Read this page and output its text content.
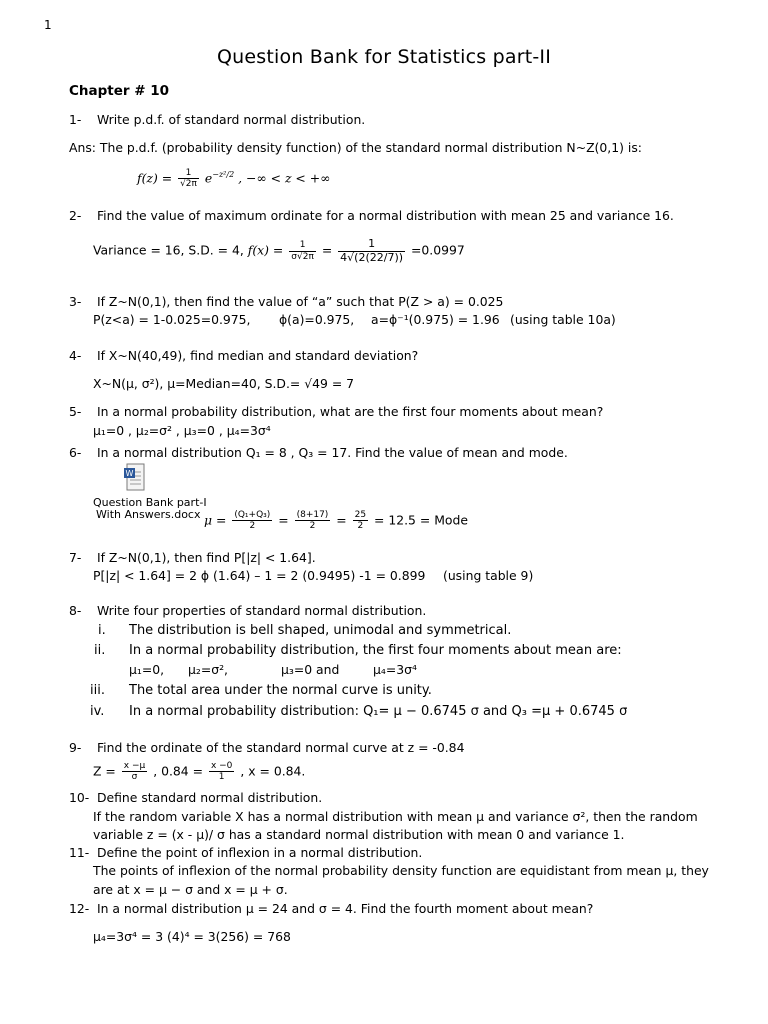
1
Question Bank for Statistics part-II
Chapter # 10
1- Write p.d.f. of standard normal distribution.
Ans: The p.d.f. (probability density function) of the standard normal distribution N~Z(0,1) is:
$f(z) = \frac{1}{√2\pi} e^{-z^2/2}$ , −∞ < z < +∞
2- Find the value of maximum ordinate for a normal distribution with mean 25 and variance 16.
Variance = 16, S.D. = 4, $f(x) = \frac{1}{\sigma√2\pi} = \frac{1}{4√(2(22/7))} =0.0997$
3- If Z~N(0,1), then find the value of “a” such that P(Z > a) = 0.025
P(z<a) = 1-0.025=0.975, ϕ(a)=0.975, a=ϕ⁻¹(0.975) = 1.96 (using table 10a)
4- If X~N(40,49), find median and standard deviation?
X~N(μ, σ²), μ=Median=40, S.D.= √49 = 7
5- In a normal probability distribution, what are the first four moments about mean?
μ₁=0 , μ₂=σ² , μ₃=0 , μ₄=3σ⁴
6- In a normal distribution Q₁ = 8 , Q₃ = 17. Find the value of mean and mode.
W
Question Bank part-I
With Answers.docx $\mu = \frac{\text{(Q₁+Q₃)}}{2} = \frac{(8+17)}{2} = \frac{25}{2} = 12.5$ = Mode
7- If Z~N(0,1), then find P[|z| < 1.64].
P[|z| < 1.64] = 2 ϕ (1.64) – 1 = 2 (0.9495) -1 = 0.899 (using table 9)
8- Write four properties of standard normal distribution.
i. The distribution is bell shaped, unimodal and symmetrical.
ii. In a normal probability distribution, the first four moments about mean are:
μ₁=0, μ₂=σ²,	μ₃=0 and	μ₄=3σ⁴
iii. The total area under the normal curve is unity.
iv. In a normal probability distribution: Q₁= μ − 0.6745 σ and Q₃ =μ + 0.6745 σ
9- Find the ordinate of the standard normal curve at z = -0.84
$Z = \frac{x -\mu}{\sigma}$ , $0.84 = \frac{x -0}{1}$ , x = 0.84.
10- Define standard normal distribution.
If the random variable X has a normal distribution with mean μ and variance σ², then the random
variable z = (x - μ)/ σ has a standard normal distribution with mean 0 and variance 1.
11- Define the point of inflexion in a normal distribution.
The points of inflexion of the normal probability density function are equidistant from mean μ, they
are at x = μ − σ and x = μ + σ.
12- In a normal distribution μ = 24 and σ = 4. Find the fourth moment about mean?
μ₄=3σ⁴ = 3 (4)⁴ = 3(256) = 768
